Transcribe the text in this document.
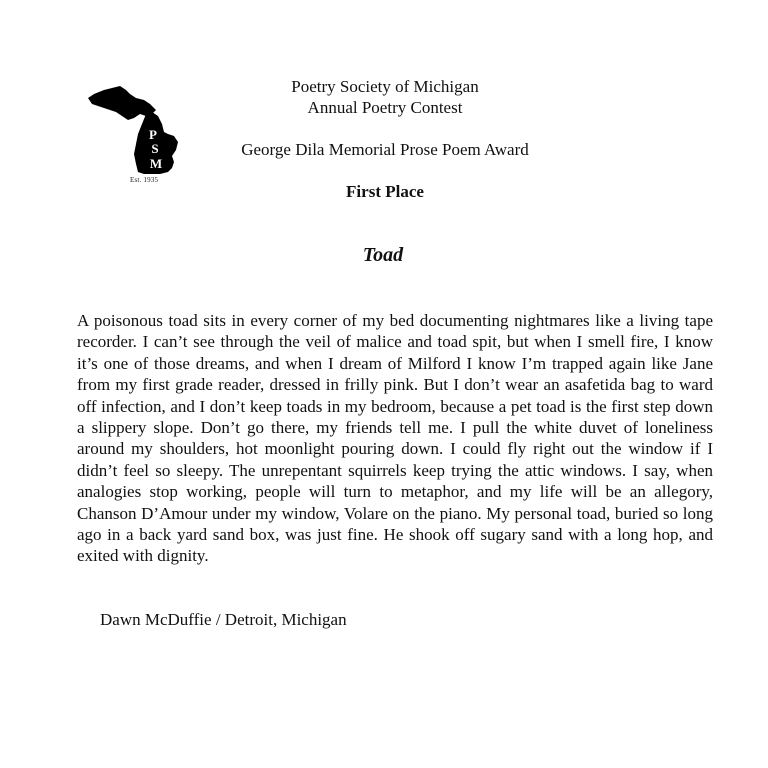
P
S
M
Est. 1935
Poetry Society of Michigan
Annual Poetry Contest
George Dila Memorial Prose Poem Award
First Place
Toad

A poisonous toad sits in every corner of my bed documenting nightmares like a living tape recorder. I can’t see through the veil of malice and toad spit, but when I smell fire, I know it’s one of those dreams, and when I dream of Milford I know I’m trapped again like Jane from my first grade reader, dressed in frilly pink. But I don’t wear an asafetida bag to ward off infection, and I don’t keep toads in my bedroom, because a pet toad is the first step down a slippery slope. Don’t go there, my friends tell me. I pull the white duvet of loneliness around my shoulders, hot moonlight pouring down. I could fly right out the window if I didn’t feel so sleepy. The unrepentant squirrels keep trying the attic windows. I say, when analogies stop working, people will turn to metaphor, and my life will be an allegory, Chanson D’Amour under my window, Volare on the piano. My personal toad, buried so long ago in a back yard sand box, was just fine. He shook off sugary sand with a long hop, and exited with dignity.

Dawn McDuffie / Detroit, Michigan
